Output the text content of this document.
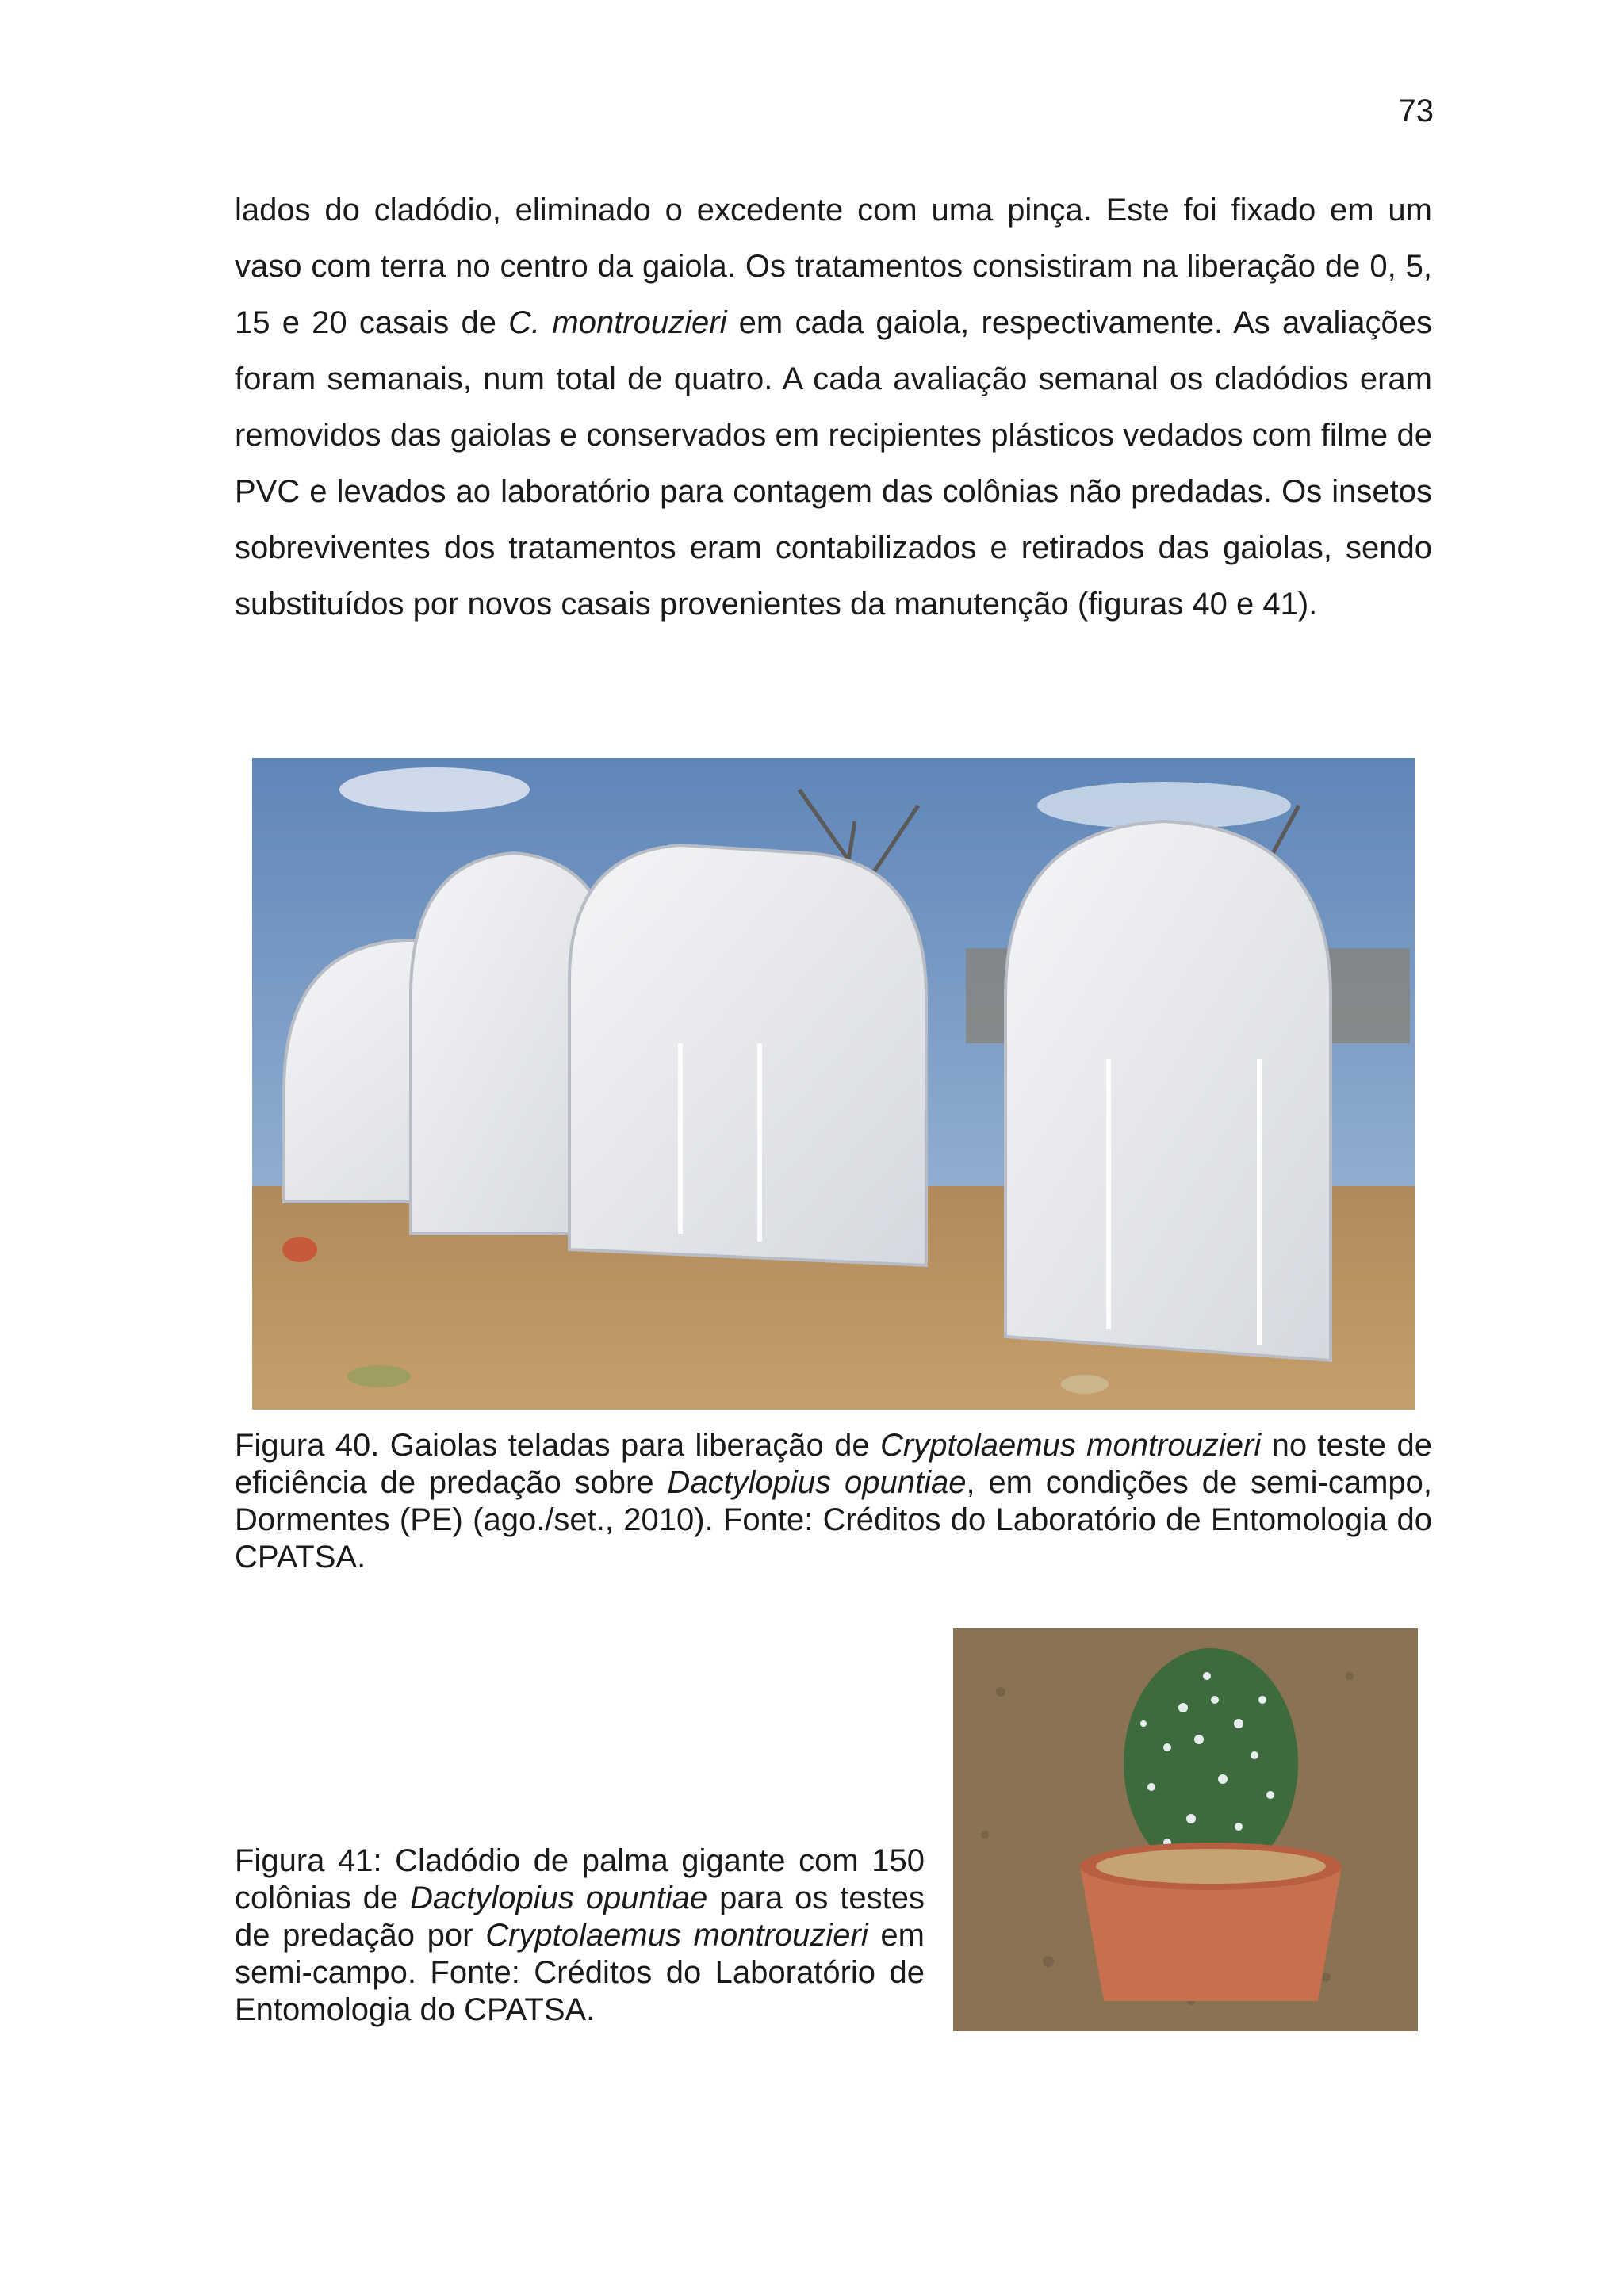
73

lados do cladódio, eliminado o excedente com uma pinça. Este foi fixado em um vaso com terra no centro da gaiola. Os tratamentos consistiram na liberação de 0, 5, 15 e 20 casais de C. montrouzieri em cada gaiola, respectivamente. As avaliações foram semanais, num total de quatro. A cada avaliação semanal os cladódios eram removidos das gaiolas e conservados em recipientes plásticos vedados com filme de PVC e levados ao laboratório para contagem das colônias não predadas. Os insetos sobreviventes dos tratamentos eram contabilizados e retirados das gaiolas, sendo substituídos por novos casais provenientes da manutenção (figuras 40 e 41).

Figura 40. Gaiolas teladas para liberação de Cryptolaemus montrouzieri no teste de eficiência de predação sobre Dactylopius opuntiae, em condições de semi-campo, Dormentes (PE) (ago./set., 2010). Fonte: Créditos do Laboratório de Entomologia do CPATSA.

Figura 41: Cladódio de palma gigante com 150 colônias de Dactylopius opuntiae para os testes de predação por Cryptolaemus montrouzieri em semi-campo. Fonte: Créditos do Laboratório de Entomologia do CPATSA.
